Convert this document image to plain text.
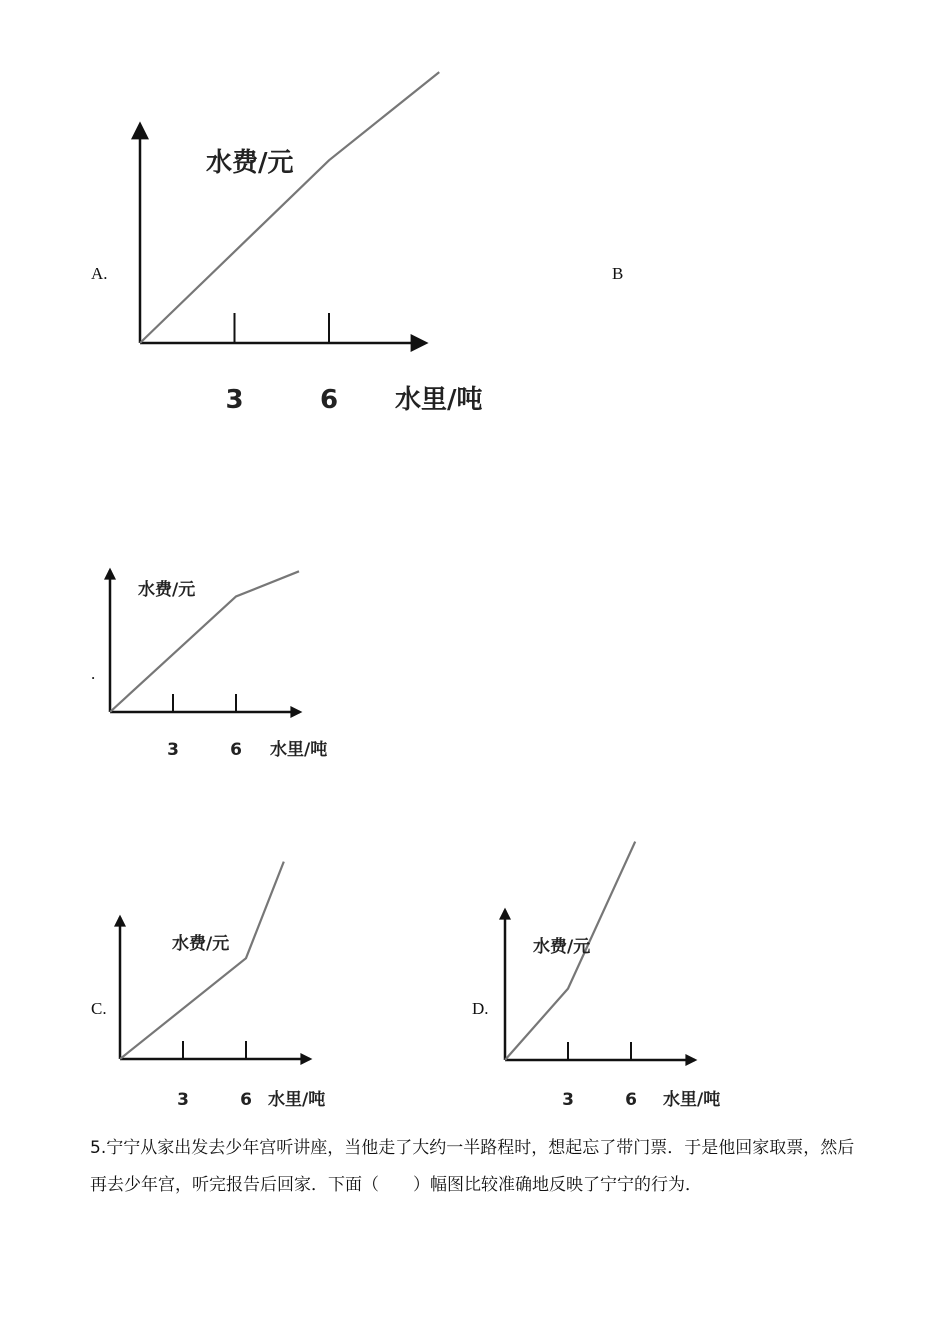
A.	B
.
C.	D.
3	6
水费/元
水里/吨
3	6
水费/元
水里/吨
3	6
水费/元
水里/吨	3	6
水费/元
水里/吨
5.宁宁从家出发去少年宫听讲座，当他走了大约一半路程时，想起忘了带门票．于是他回家取票，然后再去少年宫，听完报告后回家．下面（　　）幅图比较准确地反映了宁宁的行为．
